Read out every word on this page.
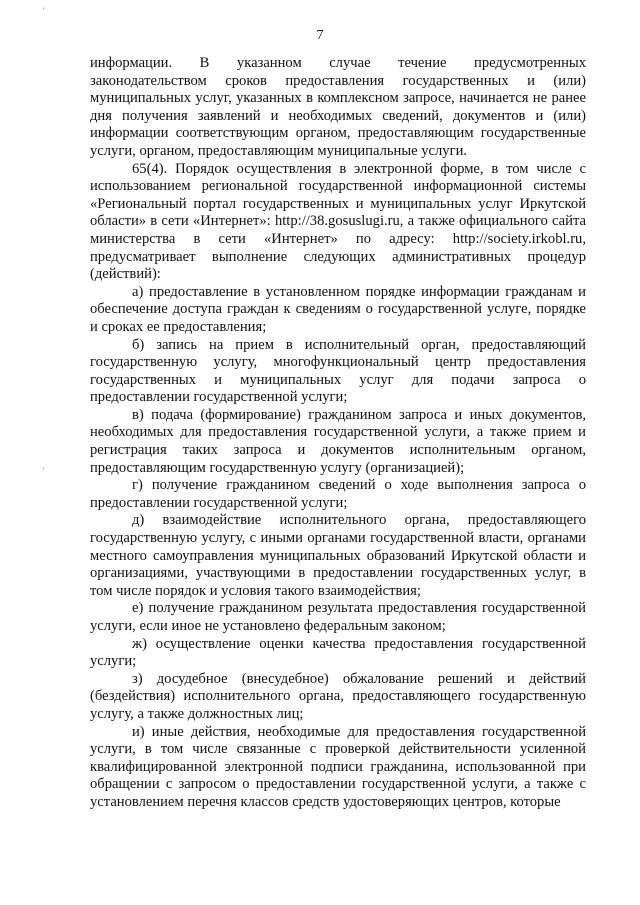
'
'
7

информации. В указанном случае течение предусмотренных законодательством сроков предоставления государственных и (или) муниципальных услуг, указанных в комплексном запросе, начинается не ранее дня получения заявлений и необходимых сведений, документов и (или) информации соответствующим органом, предоставляющим государственные услуги, органом, предоставляющим муниципальные услуги.

65(4). Порядок осуществления в электронной форме, в том числе с использованием региональной государственной информационной системы «Региональный портал государственных и муниципальных услуг Иркутской области» в сети «Интернет»: http://38.gosuslugi.ru, а также официального сайта министерства в сети «Интернет» по адресу: http://society.irkobl.ru, предусматривает выполнение следующих административных процедур (действий):

а) предоставление в установленном порядке информации гражданам и обеспечение доступа граждан к сведениям о государственной услуге, порядке и сроках ее предоставления;

б) запись на прием в исполнительный орган, предоставляющий государственную услугу, многофункциональный центр предоставления государственных и муниципальных услуг для подачи запроса о предоставлении государственной услуги;

в) подача (формирование) гражданином запроса и иных документов, необходимых для предоставления государственной услуги, а также прием и регистрация таких запроса и документов исполнительным органом, предоставляющим государственную услугу (организацией);

г) получение гражданином сведений о ходе выполнения запроса о предоставлении государственной услуги;

д) взаимодействие исполнительного органа, предоставляющего государственную услугу, с иными органами государственной власти, органами местного самоуправления муниципальных образований Иркутской области и организациями, участвующими в предоставлении государственных услуг, в том числе порядок и условия такого взаимодействия;

е) получение гражданином результата предоставления государственной услуги, если иное не установлено федеральным законом;

ж) осуществление оценки качества предоставления государственной услуги;

з) досудебное (внесудебное) обжалование решений и действий (бездействия) исполнительного органа, предоставляющего государственную услугу, а также должностных лиц;

и) иные действия, необходимые для предоставления государственной услуги, в том числе связанные с проверкой действительности усиленной квалифицированной электронной подписи гражданина, использованной при обращении с запросом о предоставлении государственной услуги, а также с установлением перечня классов средств удостоверяющих центров, которые
